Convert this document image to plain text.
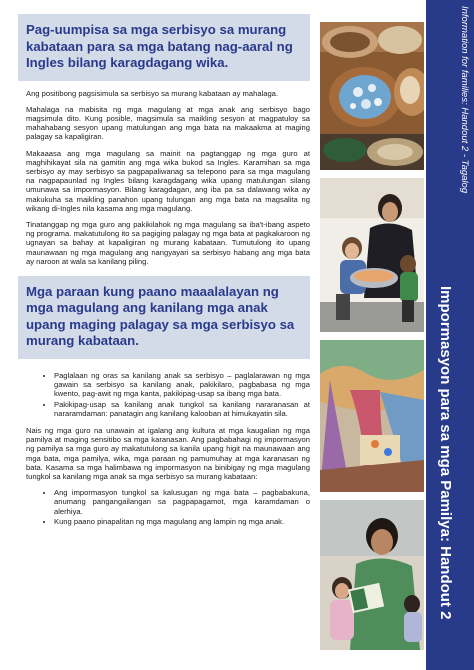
Pag-uumpisa sa mga serbisyo sa murang kabataan para sa mga batang nag-aaral ng Ingles bilang karagdagang wika.

Ang positibong pagsisimula sa serbisyo sa murang kabataan ay mahalaga.

Mahalaga na mabisita ng mga magulang at mga anak ang serbisyo bago magsimula dito. Kung posible, magsimula sa maikling sesyon at magpatuloy sa mahahabang sesyon upang matulungan ang mga bata na makaakma at maging palagay sa kapaligiran.

Makaaasa ang mga magulang sa mainit na pagtanggap ng mga guro at maghihikayat sila na gamitin ang mga wika bukod sa Ingles. Karamihan sa mga serbisyo ay may serbisyo sa pagpapaliwanag sa telepono para sa mga magulang na nagpapaunlad ng Ingles bilang karagdagang wika upang matulungan silang umunawa sa impormasyon. Bilang karagdagan, ang iba pa sa dalawang wika ay makukuha sa maikling panahon upang tulungan ang mga bata na magsalita ng wikang di-Ingles nila kasama ang mga magulang.

Tinatanggap ng mga guro ang pakikilahok ng mga magulang sa iba't-ibang aspeto ng programa. makatutulong ito sa pagiging palagay ng mga bata at pagkakaroon ng ugnayan sa bahay at kapaligiran ng murang kabataan. Tumutulong ito upang maunawaan ng mga magulang ang nangyayari sa serbisyo habang ang mga bata ay naroon at wala sa kanilang piling.

Mga paraan kung paano maaalalayan ng mga magulang ang kanilang mga anak upang maging palagay sa mga serbisyo sa murang kabataan.
• Paglalaan ng oras sa kanilang anak sa serbisyo – paglalarawan ng mga gawain sa serbisyo sa kanilang anak, pakikilaro, pagbabasa ng mga kwento, pag-awit ng mga kanta, pakikipag-usap sa ibang mga bata.
• Pakikipag-usap sa kanilang anak tungkol sa kanilang nararanasan at nararamdaman: panatagin ang kanilang kalooban at himukayatin sila.

Nais ng mga guro na unawain at igalang ang kultura at mga kaugalian ng mga pamilya at maging sensitibo sa mga karanasan. Ang pagbabahagi ng impormasyon ng pamilya sa mga guro ay makatutulong sa kanila upang higit na maunawaan ang mga bata, mga pamilya, wika, mga paraan ng pamumuhay at mga karanasan ng bata. Kasama sa mga halimbawa ng impormasyon na binibigay ng mga magulang tungkol sa kanilang mga anak sa mga serbisyo sa murang kabataan:

• Ang impormasyon tungkol sa kalusugan ng mga bata – pagbabakuna, anumang pangangailangan sa pagpapagamot, mga karamdaman o alerhiya.
• Kung paano pinapalitan ng mga magulang ang lampin ng mga anak.
Information for families: Handout 2 - Tagalog
Impormasyon para sa mga Pamilya: Handout 2
